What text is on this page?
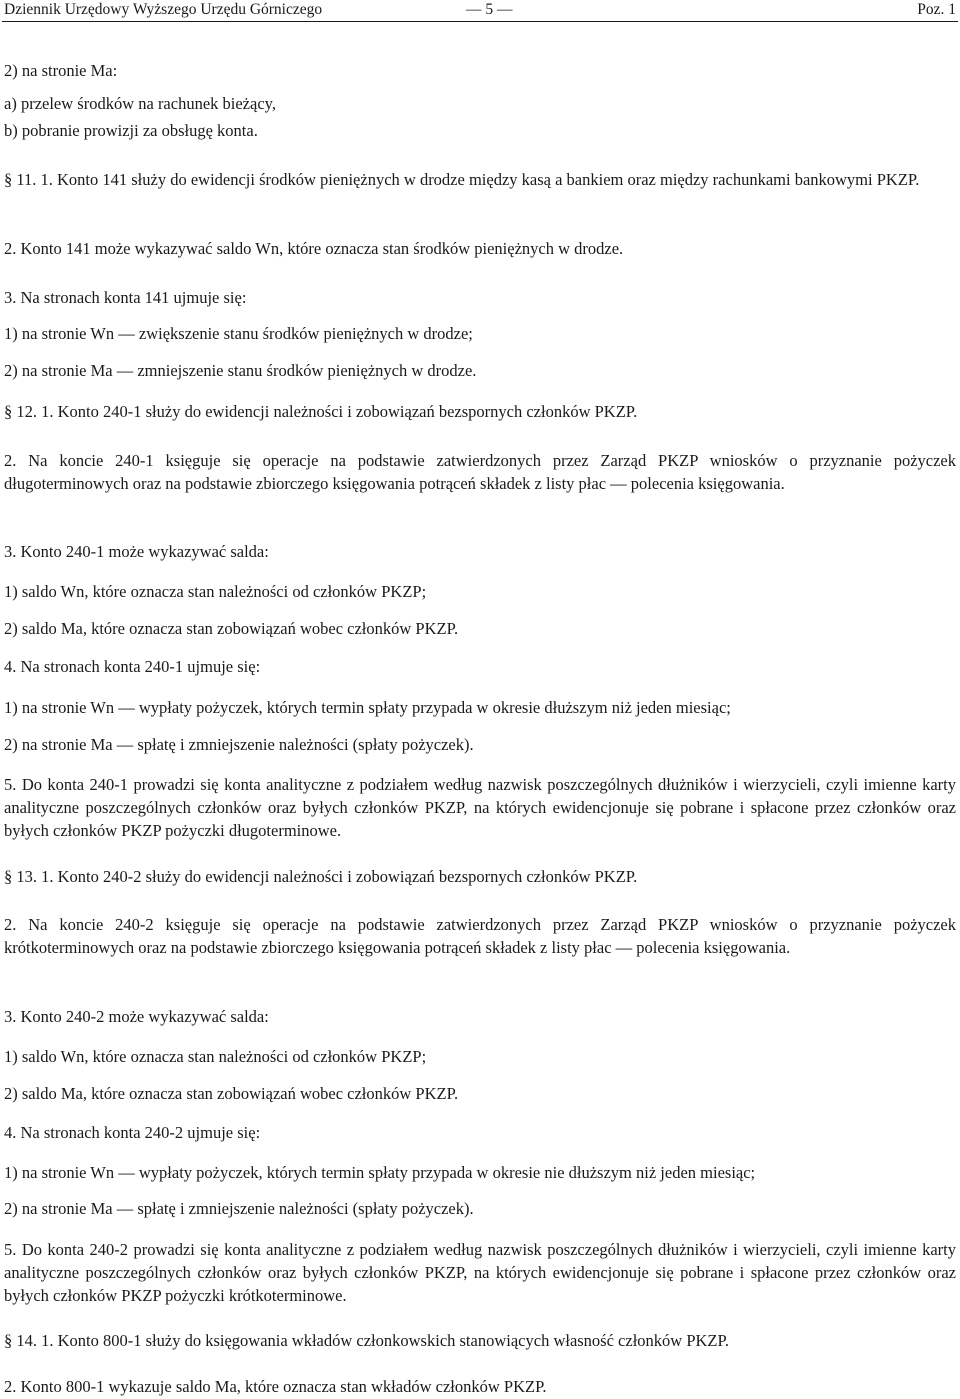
Dziennik Urzędowy Wyższego Urzędu Górniczego	— 5 —	Poz. 1
2) na stronie Ma:
a) przelew środków na rachunek bieżący,
b) pobranie prowizji za obsługę konta.
§ 11. 1. Konto 141 służy do ewidencji środków pieniężnych w drodze między kasą a bankiem oraz między rachunkami bankowymi PKZP.
2. Konto 141 może wykazywać saldo Wn, które oznacza stan środków pieniężnych w drodze.
3. Na stronach konta 141 ujmuje się:
1) na stronie Wn — zwiększenie stanu środków pieniężnych w drodze;
2) na stronie Ma — zmniejszenie stanu środków pieniężnych w drodze.
§ 12. 1. Konto 240-1 służy do ewidencji należności i zobowiązań bezspornych członków PKZP.
2. Na koncie 240-1 księguje się operacje na podstawie zatwierdzonych przez Zarząd PKZP wniosków o przyznanie pożyczek długoterminowych oraz na podstawie zbiorczego księgowania potrąceń składek z listy płac — polecenia księgowania.
3. Konto 240-1 może wykazywać salda:
1) saldo Wn, które oznacza stan należności od członków PKZP;
2) saldo Ma, które oznacza stan zobowiązań wobec członków PKZP.
4. Na stronach konta 240-1 ujmuje się:
1) na stronie Wn — wypłaty pożyczek, których termin spłaty przypada w okresie dłuższym niż jeden miesiąc;
2) na stronie Ma — spłatę i zmniejszenie należności (spłaty pożyczek).
5. Do konta 240-1 prowadzi się konta analityczne z podziałem według nazwisk poszczególnych dłużników i wierzycieli, czyli imienne karty analityczne poszczególnych członków oraz byłych członków PKZP, na których ewidencjonuje się pobrane i spłacone przez członków oraz byłych członków PKZP pożyczki długoterminowe.
§ 13. 1. Konto 240-2 służy do ewidencji należności i zobowiązań bezspornych członków PKZP.
2. Na koncie 240-2 księguje się operacje na podstawie zatwierdzonych przez Zarząd PKZP wniosków o przyznanie pożyczek krótkoterminowych oraz na podstawie zbiorczego księgowania potrąceń składek z listy płac — polecenia księgowania.
3. Konto 240-2 może wykazywać salda:
1) saldo Wn, które oznacza stan należności od członków PKZP;
2) saldo Ma, które oznacza stan zobowiązań wobec członków PKZP.
4. Na stronach konta 240-2 ujmuje się:
1) na stronie Wn — wypłaty pożyczek, których termin spłaty przypada w okresie nie dłuższym niż jeden miesiąc;
2) na stronie Ma — spłatę i zmniejszenie należności (spłaty pożyczek).
5. Do konta 240-2 prowadzi się konta analityczne z podziałem według nazwisk poszczególnych dłużników i wierzycieli, czyli imienne karty analityczne poszczególnych członków oraz byłych członków PKZP, na których ewidencjonuje się pobrane i spłacone przez członków oraz byłych członków PKZP pożyczki krótkoterminowe.
§ 14. 1. Konto 800-1 służy do księgowania wkładów członkowskich stanowiących własność członków PKZP.
2. Konto 800-1 wykazuje saldo Ma, które oznacza stan wkładów członków PKZP.
